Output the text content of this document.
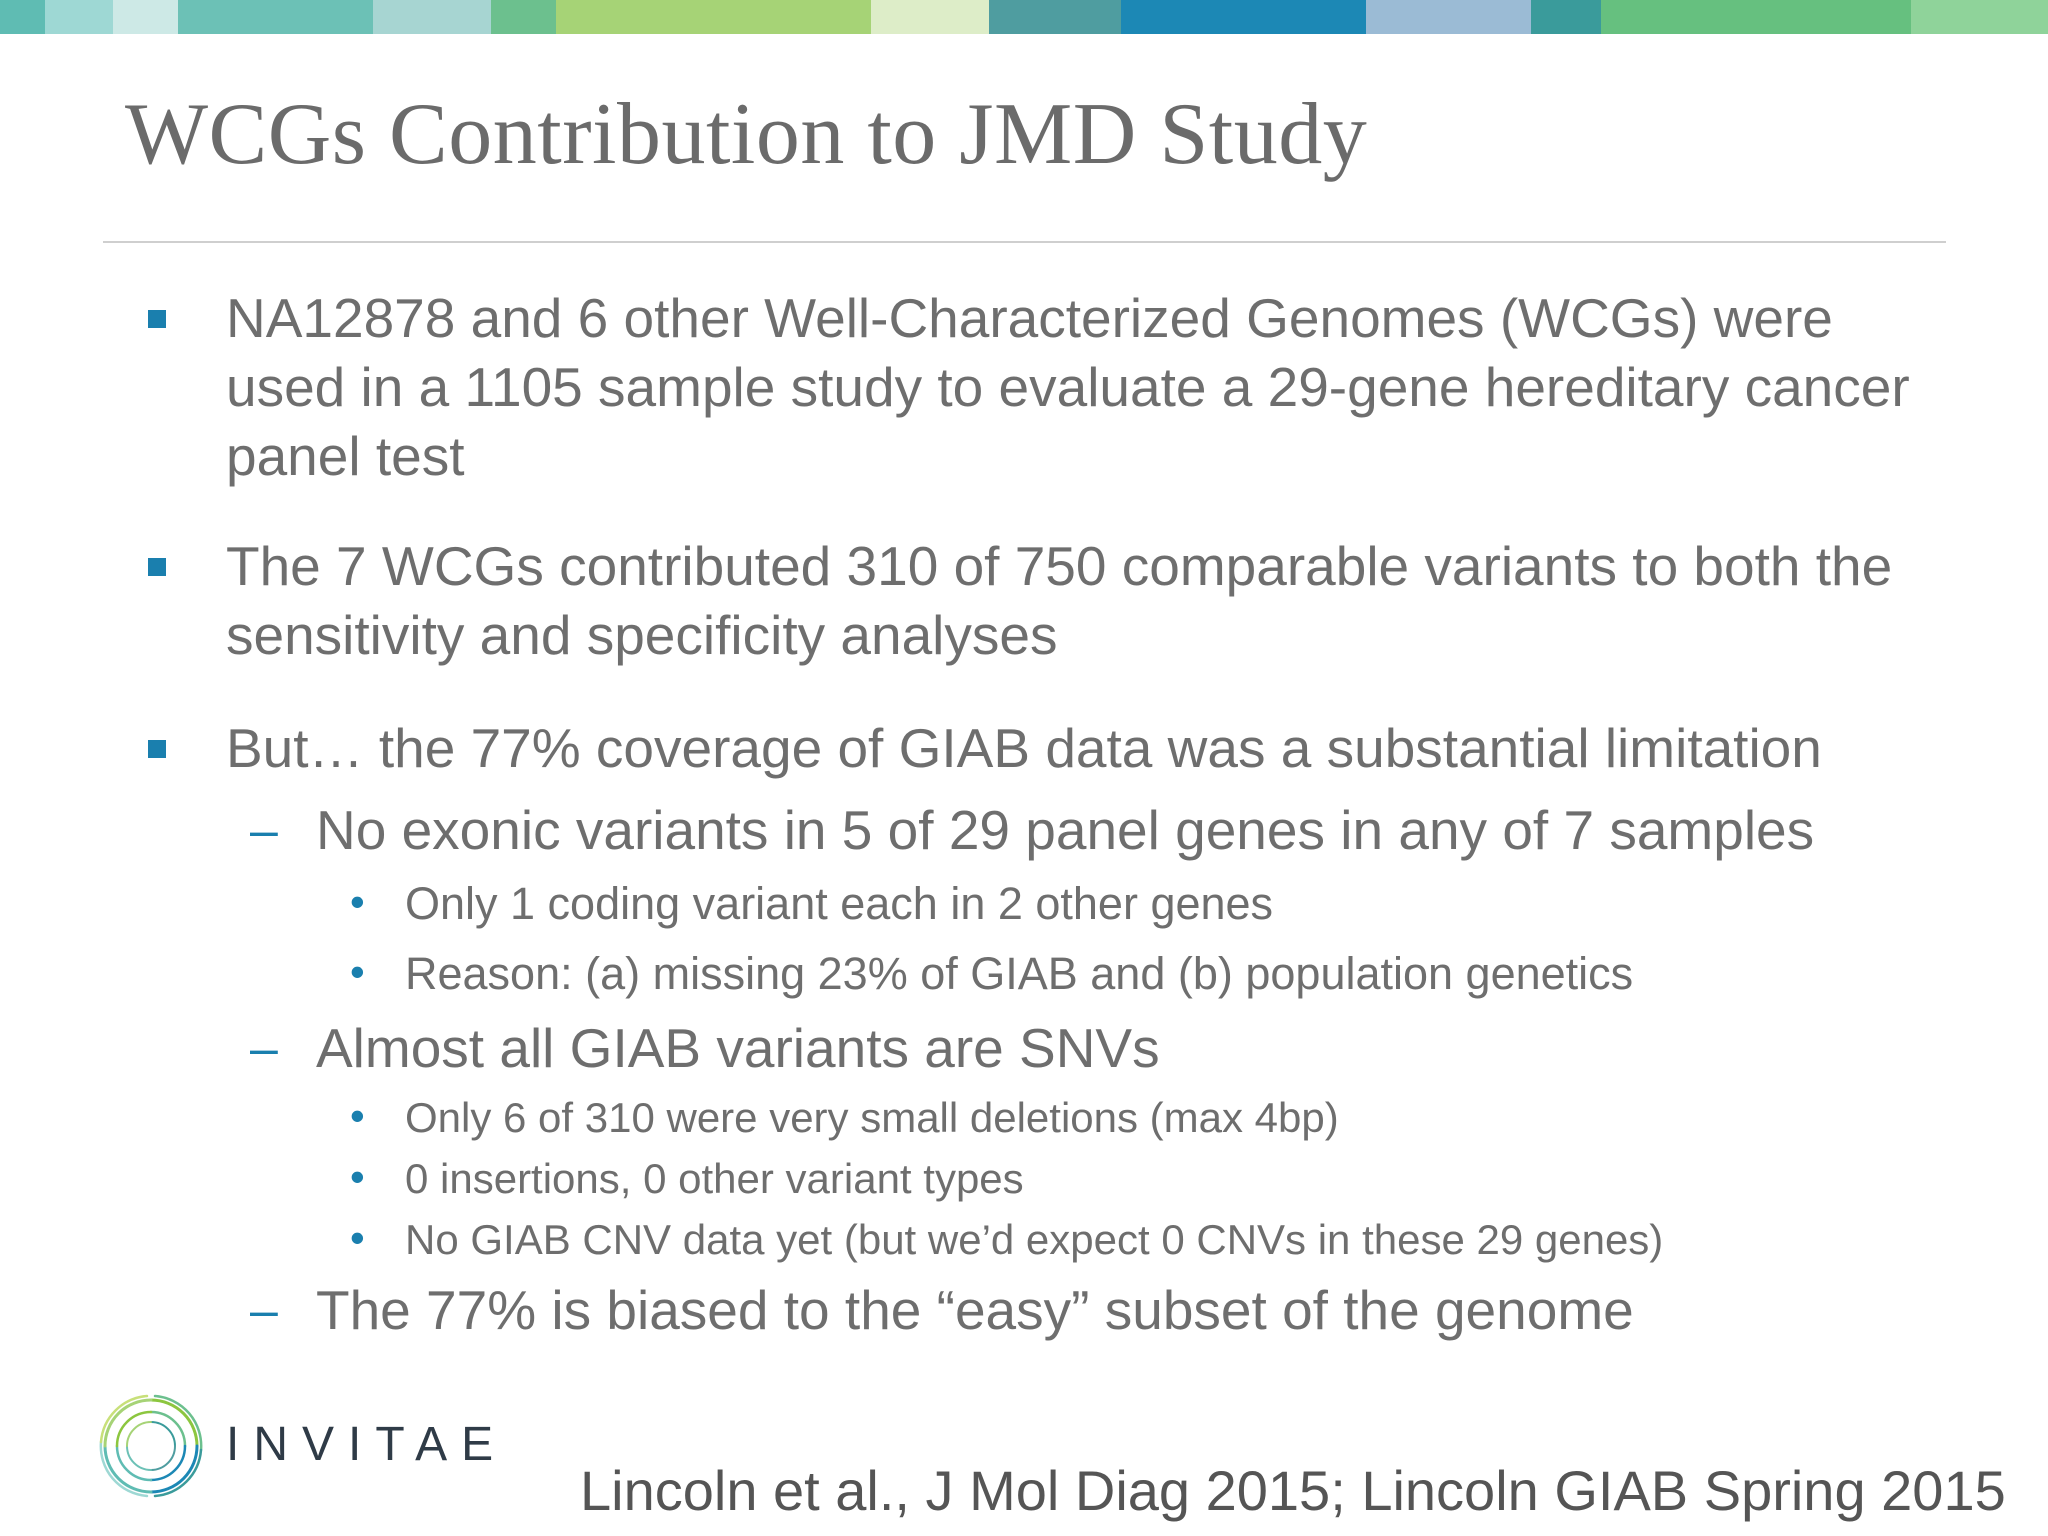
WCGs Contribution to JMD Study
NA12878 and 6 other Well-Characterized Genomes (WCGs) were used in a 1105 sample study to evaluate a 29-gene hereditary cancer panel test
The 7 WCGs contributed 310 of 750 comparable variants to both the sensitivity and specificity analyses
But… the 77% coverage of GIAB data was a substantial limitation
– No exonic variants in 5 of 29 panel genes in any of 7 samples
• Only 1 coding variant each in 2 other genes
• Reason: (a) missing 23% of GIAB and (b) population genetics
– Almost all GIAB variants are SNVs
• Only 6 of 310 were very small deletions (max 4bp)
• 0 insertions, 0 other variant types
• No GIAB CNV data yet (but we’d expect 0 CNVs in these 29 genes)
– The 77% is biased to the “easy” subset of the genome
INVITAE
Lincoln et al., J Mol Diag 2015; Lincoln GIAB Spring 2015
